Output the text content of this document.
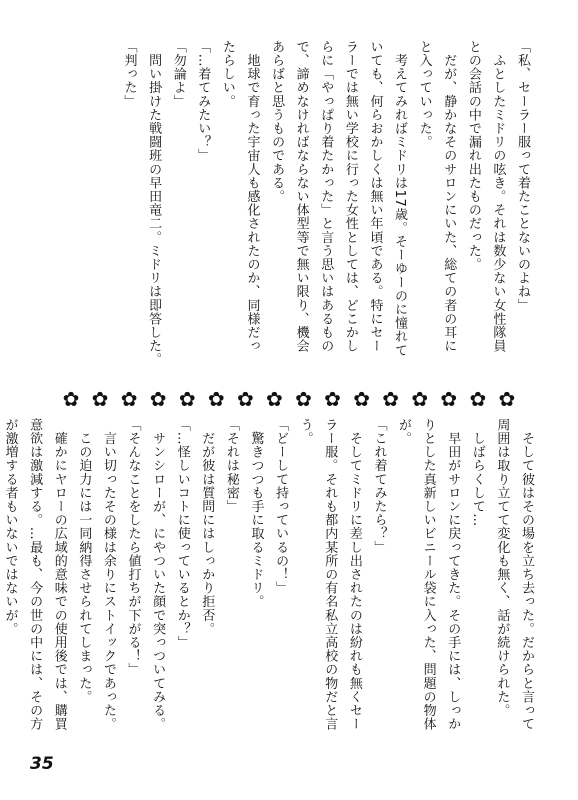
「私、セーラー服って着たことないのよね」

　ふとしたミドリの呟き。それは数少ない女性隊員

との会話の中で漏れ出たものだった。

　だが、静かなそのサロンにいた、総ての者の耳に

と入っていった。

　考えてみればミドリは17歳。そーゆーのに憧れて

いても、何らおかしくは無い年頃である。特にセー

ラーでは無い学校に行った女性としては、どこかし

らに「やっぱり着たかった」と言う思いはあるもの

で、諦めなければならない体型等で無い限り、機会

あらばと思うものである。

　地球で育った宇宙人も感化されたのか、同様だっ

たらしい。

「…着てみたい？」

「勿論よ」

　問い掛けた戦闘班の早田竜二。ミドリは即答した。

「判った」

✿ ✿ ✿ ✿ ✿ ✿ ✿ ✿ ✿ ✿ ✿ ✿ ✿ ✿ ✿ ✿

　そして彼はその場を立ち去った。だからと言って

周囲は取り立てて変化も無く、話が続けられた。

　しばらくして…

　早田がサロンに戻ってきた。その手には、しっか

りとした真新しいビニール袋に入った、問題の物体

が。

「これ着てみたら？」

　そしてミドリに差し出されたのは紛れも無くセー

ラー服。それも都内某所の有名私立高校の物だと言

う。

「どーして持っているの！」

　驚きつつも手に取るミドリ。

「それは秘密」

　だが彼は質問にはしっかり拒否。

「…怪しいコトに使っているとか？」

　サンシローが、にやついた顔で突っついてみる。

「そんなことをしたら値打ちが下がる！」

　言い切ったその様は余りにストイックであった。

　この迫力には一同納得させられてしまった。

　確かにヤローの広域的意味での使用後では、購買

意欲は激減する。…最も、今の世の中には、その方

が激増する者もいないではないが。

35
